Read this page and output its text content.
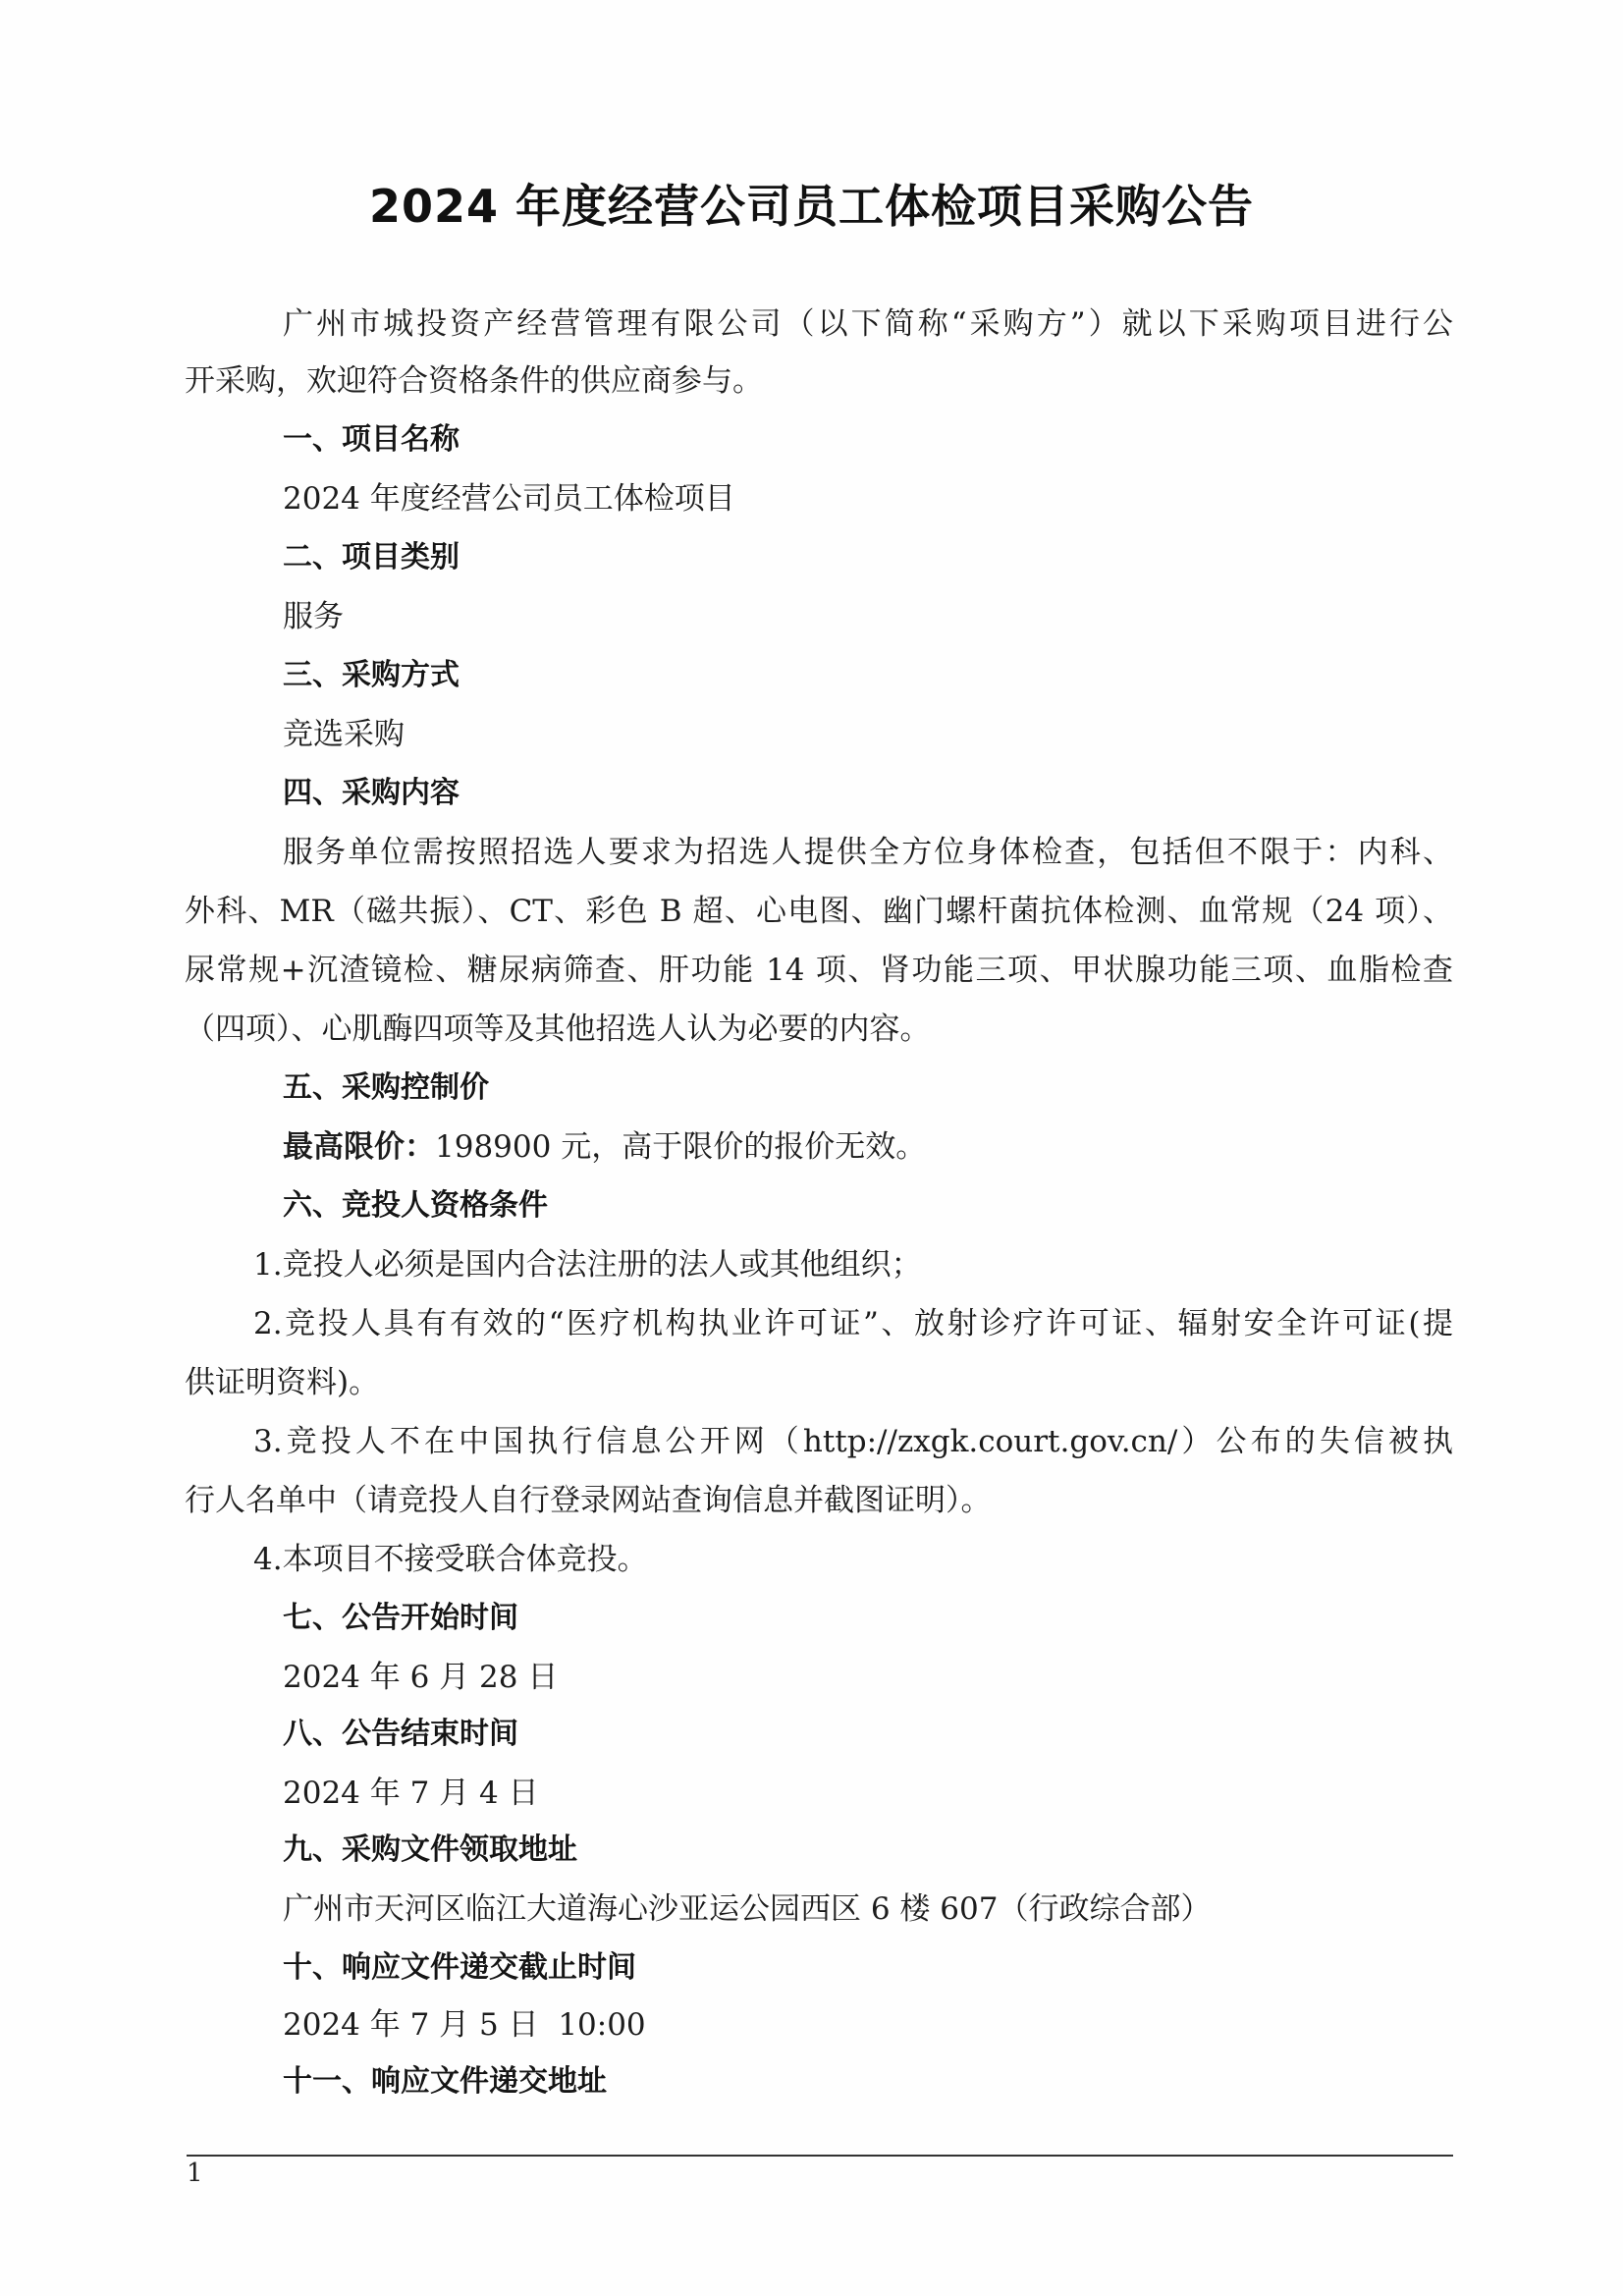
2024 年度经营公司员工体检项目采购公告
广州市城投资产经营管理有限公司（以下简称“采购方”）就以下采购项目进行公
开采购，欢迎符合资格条件的供应商参与。
一、项目名称
2024 年度经营公司员工体检项目
二、项目类别
服务
三、采购方式
竞选采购
四、采购内容
服务单位需按照招选人要求为招选人提供全方位身体检查，包括但不限于：内科、
外科、MR（磁共振）、CT、彩色 B 超、心电图、幽门螺杆菌抗体检测、血常规（24 项）、
尿常规+沉渣镜检、糖尿病筛查、肝功能 14 项、肾功能三项、甲状腺功能三项、血脂检查
（四项）、心肌酶四项等及其他招选人认为必要的内容。
五、采购控制价
最高限价：198900 元，高于限价的报价无效。
六、竞投人资格条件
1.竞投人必须是国内合法注册的法人或其他组织；
2.竞投人具有有效的“医疗机构执业许可证”、放射诊疗许可证、辐射安全许可证(提
供证明资料)。
3.竞投人不在中国执行信息公开网（http://zxgk.court.gov.cn/）公布的失信被执
行人名单中（请竞投人自行登录网站查询信息并截图证明）。
4.本项目不接受联合体竞投。
七、公告开始时间
2024 年 6 月 28 日
八、公告结束时间
2024 年 7 月 4 日
九、采购文件领取地址
广州市天河区临江大道海心沙亚运公园西区 6 楼 607（行政综合部）
十、响应文件递交截止时间
2024 年 7 月 5 日  10:00
十一、响应文件递交地址
1
